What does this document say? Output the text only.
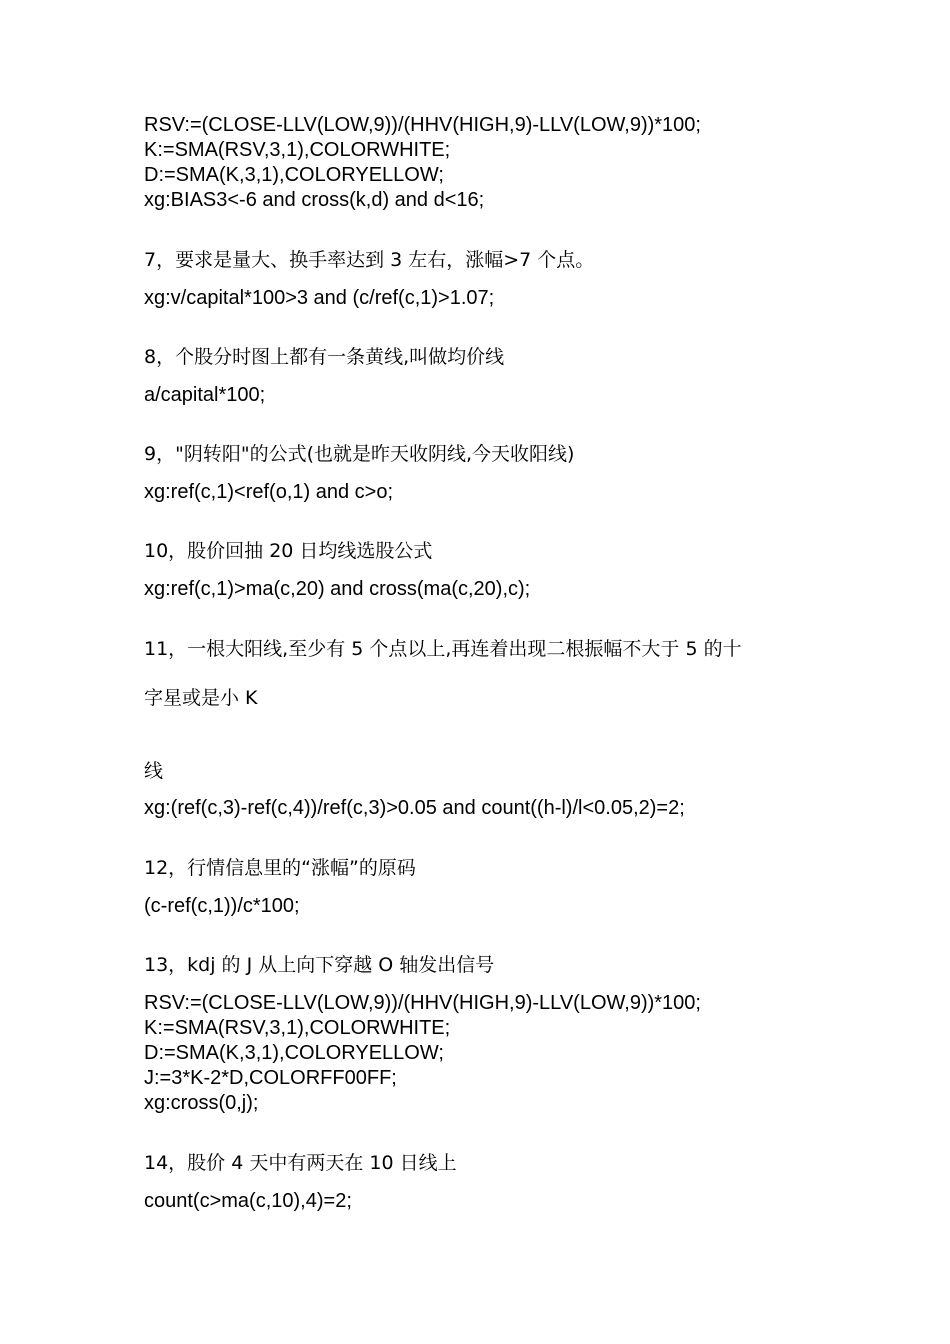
RSV:=(CLOSE-LLV(LOW,9))/(HHV(HIGH,9)-LLV(LOW,9))*100;
K:=SMA(RSV,3,1),COLORWHITE;
D:=SMA(K,3,1),COLORYELLOW;
xg:BIAS3<-6 and cross(k,d) and d<16;
7，要求是量大、换手率达到 3 左右，涨幅>7 个点。
xg:v/capital*100>3 and (c/ref(c,1)>1.07;
8，个股分时图上都有一条黄线,叫做均价线
a/capital*100;
9，"阴转阳"的公式(也就是昨天收阴线,今天收阳线)
xg:ref(c,1)<ref(o,1) and c>o;
10，股价回抽 20 日均线选股公式
xg:ref(c,1)>ma(c,20) and cross(ma(c,20),c);
11，一根大阳线,至少有 5 个点以上,再连着出现二根振幅不大于 5 的十
字星或是小 K
线
xg:(ref(c,3)-ref(c,4))/ref(c,3)>0.05 and count((h-l)/l<0.05,2)=2;
12，行情信息里的“涨幅”的原码
(c-ref(c,1))/c*100;
13，kdj 的 J 从上向下穿越 O 轴发出信号
RSV:=(CLOSE-LLV(LOW,9))/(HHV(HIGH,9)-LLV(LOW,9))*100;
K:=SMA(RSV,3,1),COLORWHITE;
D:=SMA(K,3,1),COLORYELLOW;
J:=3*K-2*D,COLORFF00FF;
xg:cross(0,j);
14，股价 4 天中有两天在 10 日线上
count(c>ma(c,10),4)=2;
